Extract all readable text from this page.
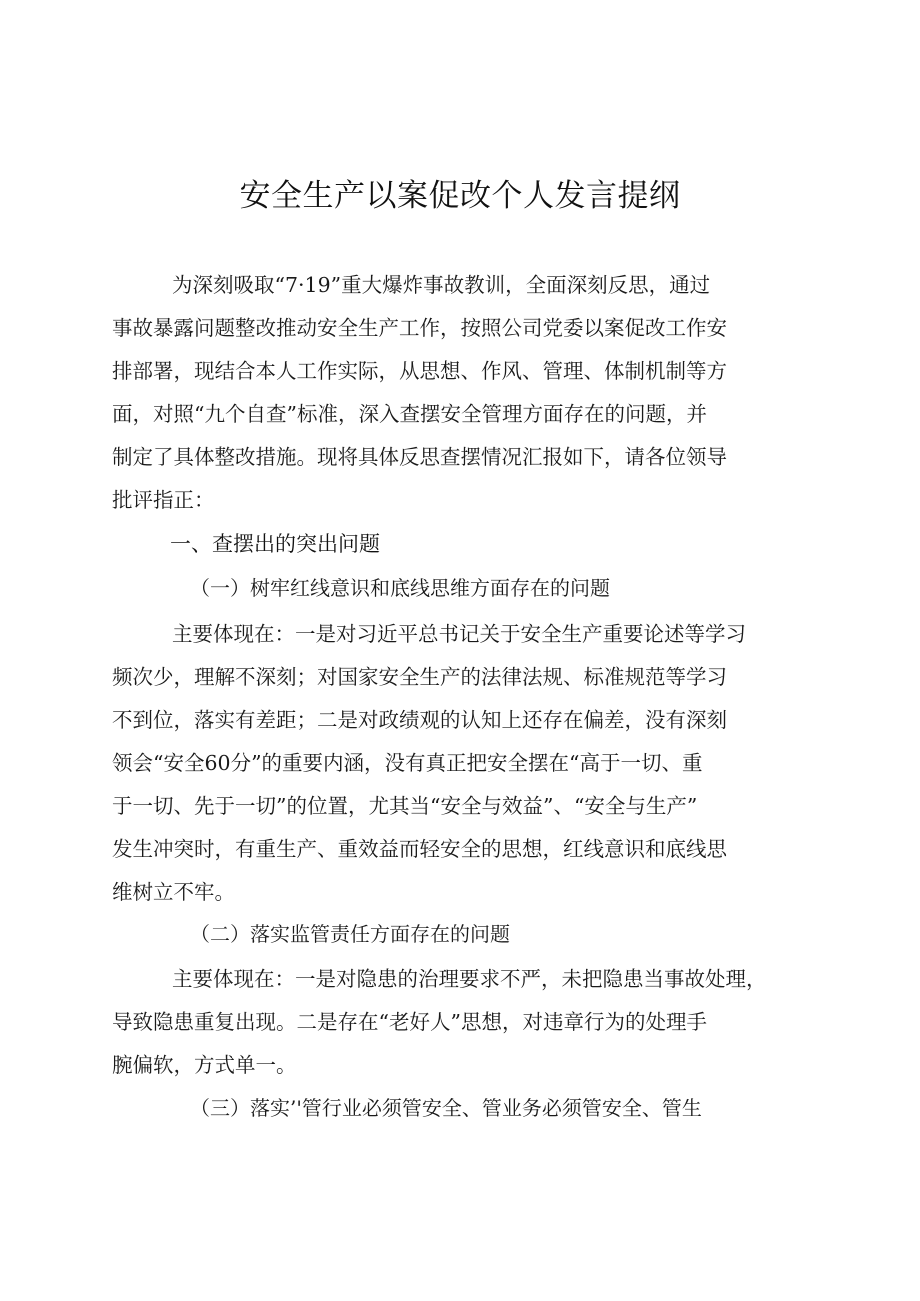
安全生产以案促改个人发言提纲
为深刻吸取“7·19”重大爆炸事故教训，全面深刻反思，通过
事故暴露问题整改推动安全生产工作，按照公司党委以案促改工作安
排部署，现结合本人工作实际，从思想、作风、管理、体制机制等方
面，对照“九个自查”标准，深入查摆安全管理方面存在的问题，并
制定了具体整改措施。现将具体反思查摆情况汇报如下，请各位领导
批评指正：
一、查摆出的突出问题
（一）树牢红线意识和底线思维方面存在的问题
主要体现在：一是对习近平总书记关于安全生产重要论述等学习
频次少，理解不深刻；对国家安全生产的法律法规、标准规范等学习
不到位，落实有差距；二是对政绩观的认知上还存在偏差，没有深刻
领会“安全60分”的重要内涵，没有真正把安全摆在“高于一切、重
于一切、先于一切”的位置，尤其当“安全与效益”、“安全与生产”
发生冲突时，有重生产、重效益而轻安全的思想，红线意识和底线思
维树立不牢。
（二）落实监管责任方面存在的问题
主要体现在：一是对隐患的治理要求不严，未把隐患当事故处理，
导致隐患重复出现。二是存在“老好人”思想，对违章行为的处理手
腕偏软，方式单一。
（三）落实’'管行业必须管安全、管业务必须管安全、管生
